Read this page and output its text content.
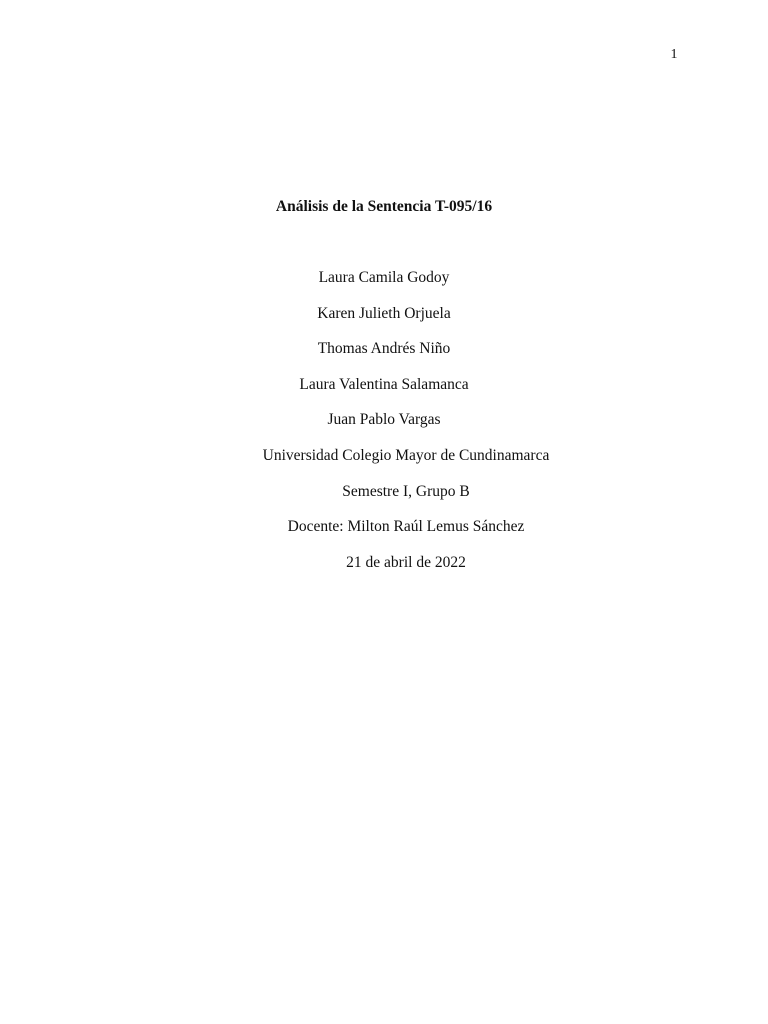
1
Análisis de la Sentencia T-095/16
Laura Camila Godoy
Karen Julieth Orjuela
Thomas Andrés Niño
Laura Valentina Salamanca
Juan Pablo Vargas
Universidad Colegio Mayor de Cundinamarca
Semestre I, Grupo B
Docente: Milton Raúl Lemus Sánchez
21 de abril de 2022
